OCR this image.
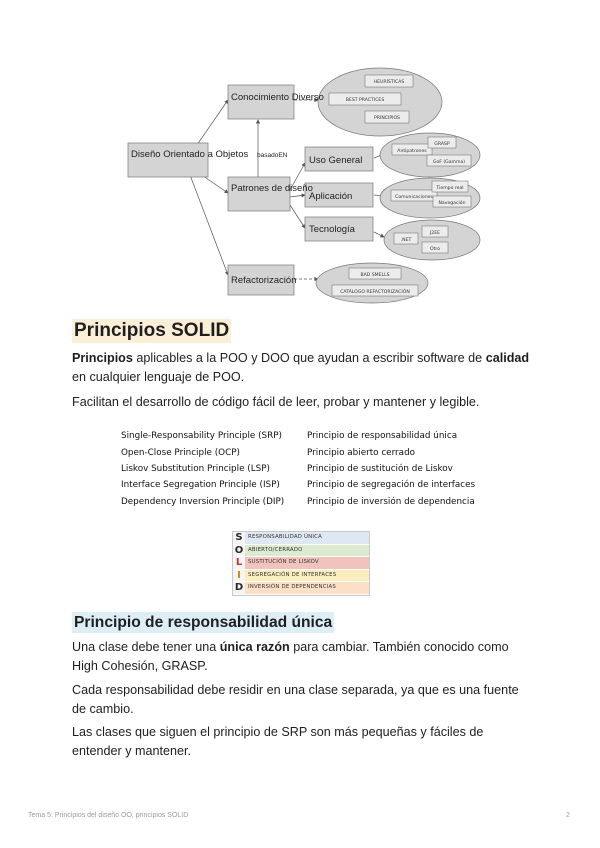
Diseño Orientado a Objetos
Conocimiento Diverso
Patrones de diseño
Refactorización
basadoEN Uso General
Aplicación
Tecnología
HEURÍSTICAS
BEST PRACTICES
PRINCIPIOS
Antipatrones
GRASP
GoF (Gamma)
Comunicaciones
Tiempo real
Navegación
.NET
J2EE
Otro
BAD SMELLS
CATÁLOGO REFACTORIZACIÓN
Principios SOLID

Principios aplicables a la POO y DOO que ayudan a escribir software de calidad en cualquier lenguaje de POO.

Facilitan el desarrollo de código fácil de leer, probar y mantener y legible.

Single-Responsability Principle (SRP)	Principio de responsabilidad única
Open-Close Principle (OCP)	Principio abierto cerrado
Liskov Substitution Principle (LSP)	Principio de sustitución de Liskov
Interface Segregation Principle (ISP)	Principio de segregación de interfaces
Dependency Inversion Principle (DIP)	Principio de inversión de dependencia
S	RESPONSABILIDAD ÚNICA
O ABIERTO/CERRADO
L	SUSTITUCIÓN DE LISKOV
I	SEGREGACIÓN DE INTERFACES
D INVERSIÓN DE DEPENDENCIAS
Principio de responsabilidad única

Una clase debe tener una única razón para cambiar. También conocido como High Cohesión, GRASP.

Cada responsabilidad debe residir en una clase separada, ya que es una fuente de cambio.

Las clases que siguen el principio de SRP son más pequeñas y fáciles de entender y mantener.

Tema 5: Principios del diseño OO, principios SOLID	2
